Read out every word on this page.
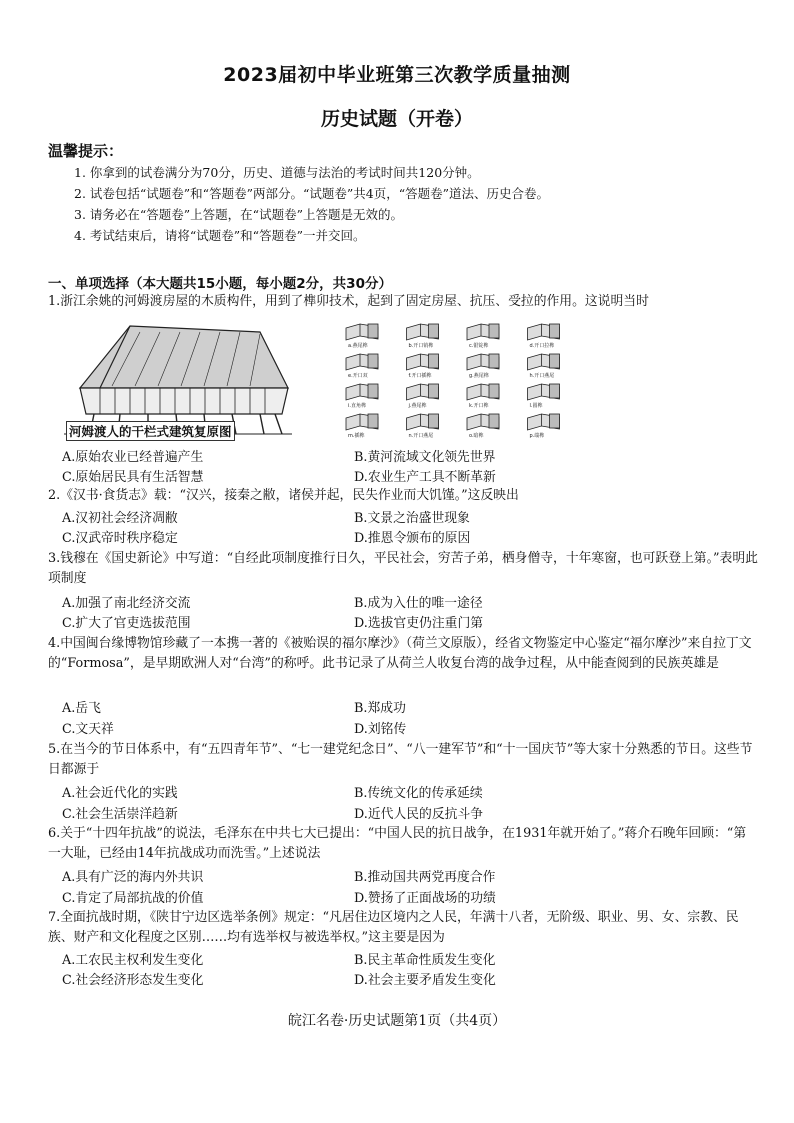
2023届初中毕业班第三次教学质量抽测
历史试题（开卷）
温馨提示：
1. 你拿到的试卷满分为70分，历史、道德与法治的考试时间共120分钟。
2. 试卷包括“试题卷”和“答题卷”两部分。“试题卷”共4页，“答题卷”道法、历史合卷。
3. 请务必在“答题卷”上答题，在“试题卷”上答题是无效的。
4. 考试结束后，请将“试题卷”和“答题卷”一并交回。
一、单项选择（本大题共15小题，每小题2分，共30分）
1.浙江余姚的河姆渡房屋的木质构件，用到了榫卯技术，起到了固定房屋、抗压、受拉的作用。这说明当时
河姆渡人的干栏式建筑复原图
a.燕尾榫	b.开口销榫	c.银锭榫	d.开口拉榫
e.开口双	f.开口插榫	g.燕尾榫	h.开口燕尾
i.直角榫	j.燕尾榫	k.开口榫	l.圆榫
m.插榫	n.开口燕尾	o.暗榫	p.端榫
A.原始农业已经普遍产生	B.黄河流域文化领先世界
C.原始居民具有生活智慧	D.农业生产工具不断革新
2.《汉书·食货志》载：“汉兴，接秦之敝，诸侯并起，民失作业而大饥馑。”这反映出
A.汉初社会经济凋敝	B.文景之治盛世现象
C.汉武帝时秩序稳定	D.推恩令颁布的原因
3.钱穆在《国史新论》中写道：“自经此项制度推行日久，平民社会，穷苦子弟，栖身僧寺，十年寒窗，也可跃登上第。”表明此项制度
A.加强了南北经济交流	B.成为入仕的唯一途径
C.扩大了官吏选拔范围	D.选拔官吏仍注重门第
4.中国闽台缘博物馆珍藏了一本携一著的《被贻误的福尔摩沙》（荷兰文原版），经省文物鉴定中心鉴定“福尔摩沙”来自拉丁文的“Formosa”，是早期欧洲人对“台湾”的称呼。此书记录了从荷兰人收复台湾的战争过程，从中能查阅到的民族英雄是
A.岳飞	B.郑成功
C.文天祥	D.刘铭传
5.在当今的节日体系中，有“五四青年节”、“七一建党纪念日”、“八一建军节”和“十一国庆节”等大家十分熟悉的节日。这些节日都源于
A.社会近代化的实践	B.传统文化的传承延续
C.社会生活崇洋趋新	D.近代人民的反抗斗争
6.关于“十四年抗战”的说法，毛泽东在中共七大已提出：“中国人民的抗日战争，在1931年就开始了。”蒋介石晚年回顾：“第一大耻，已经由14年抗战成功而洗雪。”上述说法
A.具有广泛的海内外共识	B.推动国共两党再度合作
C.肯定了局部抗战的价值	D.赞扬了正面战场的功绩
7.全面抗战时期，《陕甘宁边区选举条例》规定：“凡居住边区境内之人民，年满十八者，无阶级、职业、男、女、宗教、民族、财产和文化程度之区别……均有选举权与被选举权。”这主要是因为
A.工农民主权利发生变化	B.民主革命性质发生变化
C.社会经济形态发生变化	D.社会主要矛盾发生变化
皖江名卷·历史试题第1页（共4页）
